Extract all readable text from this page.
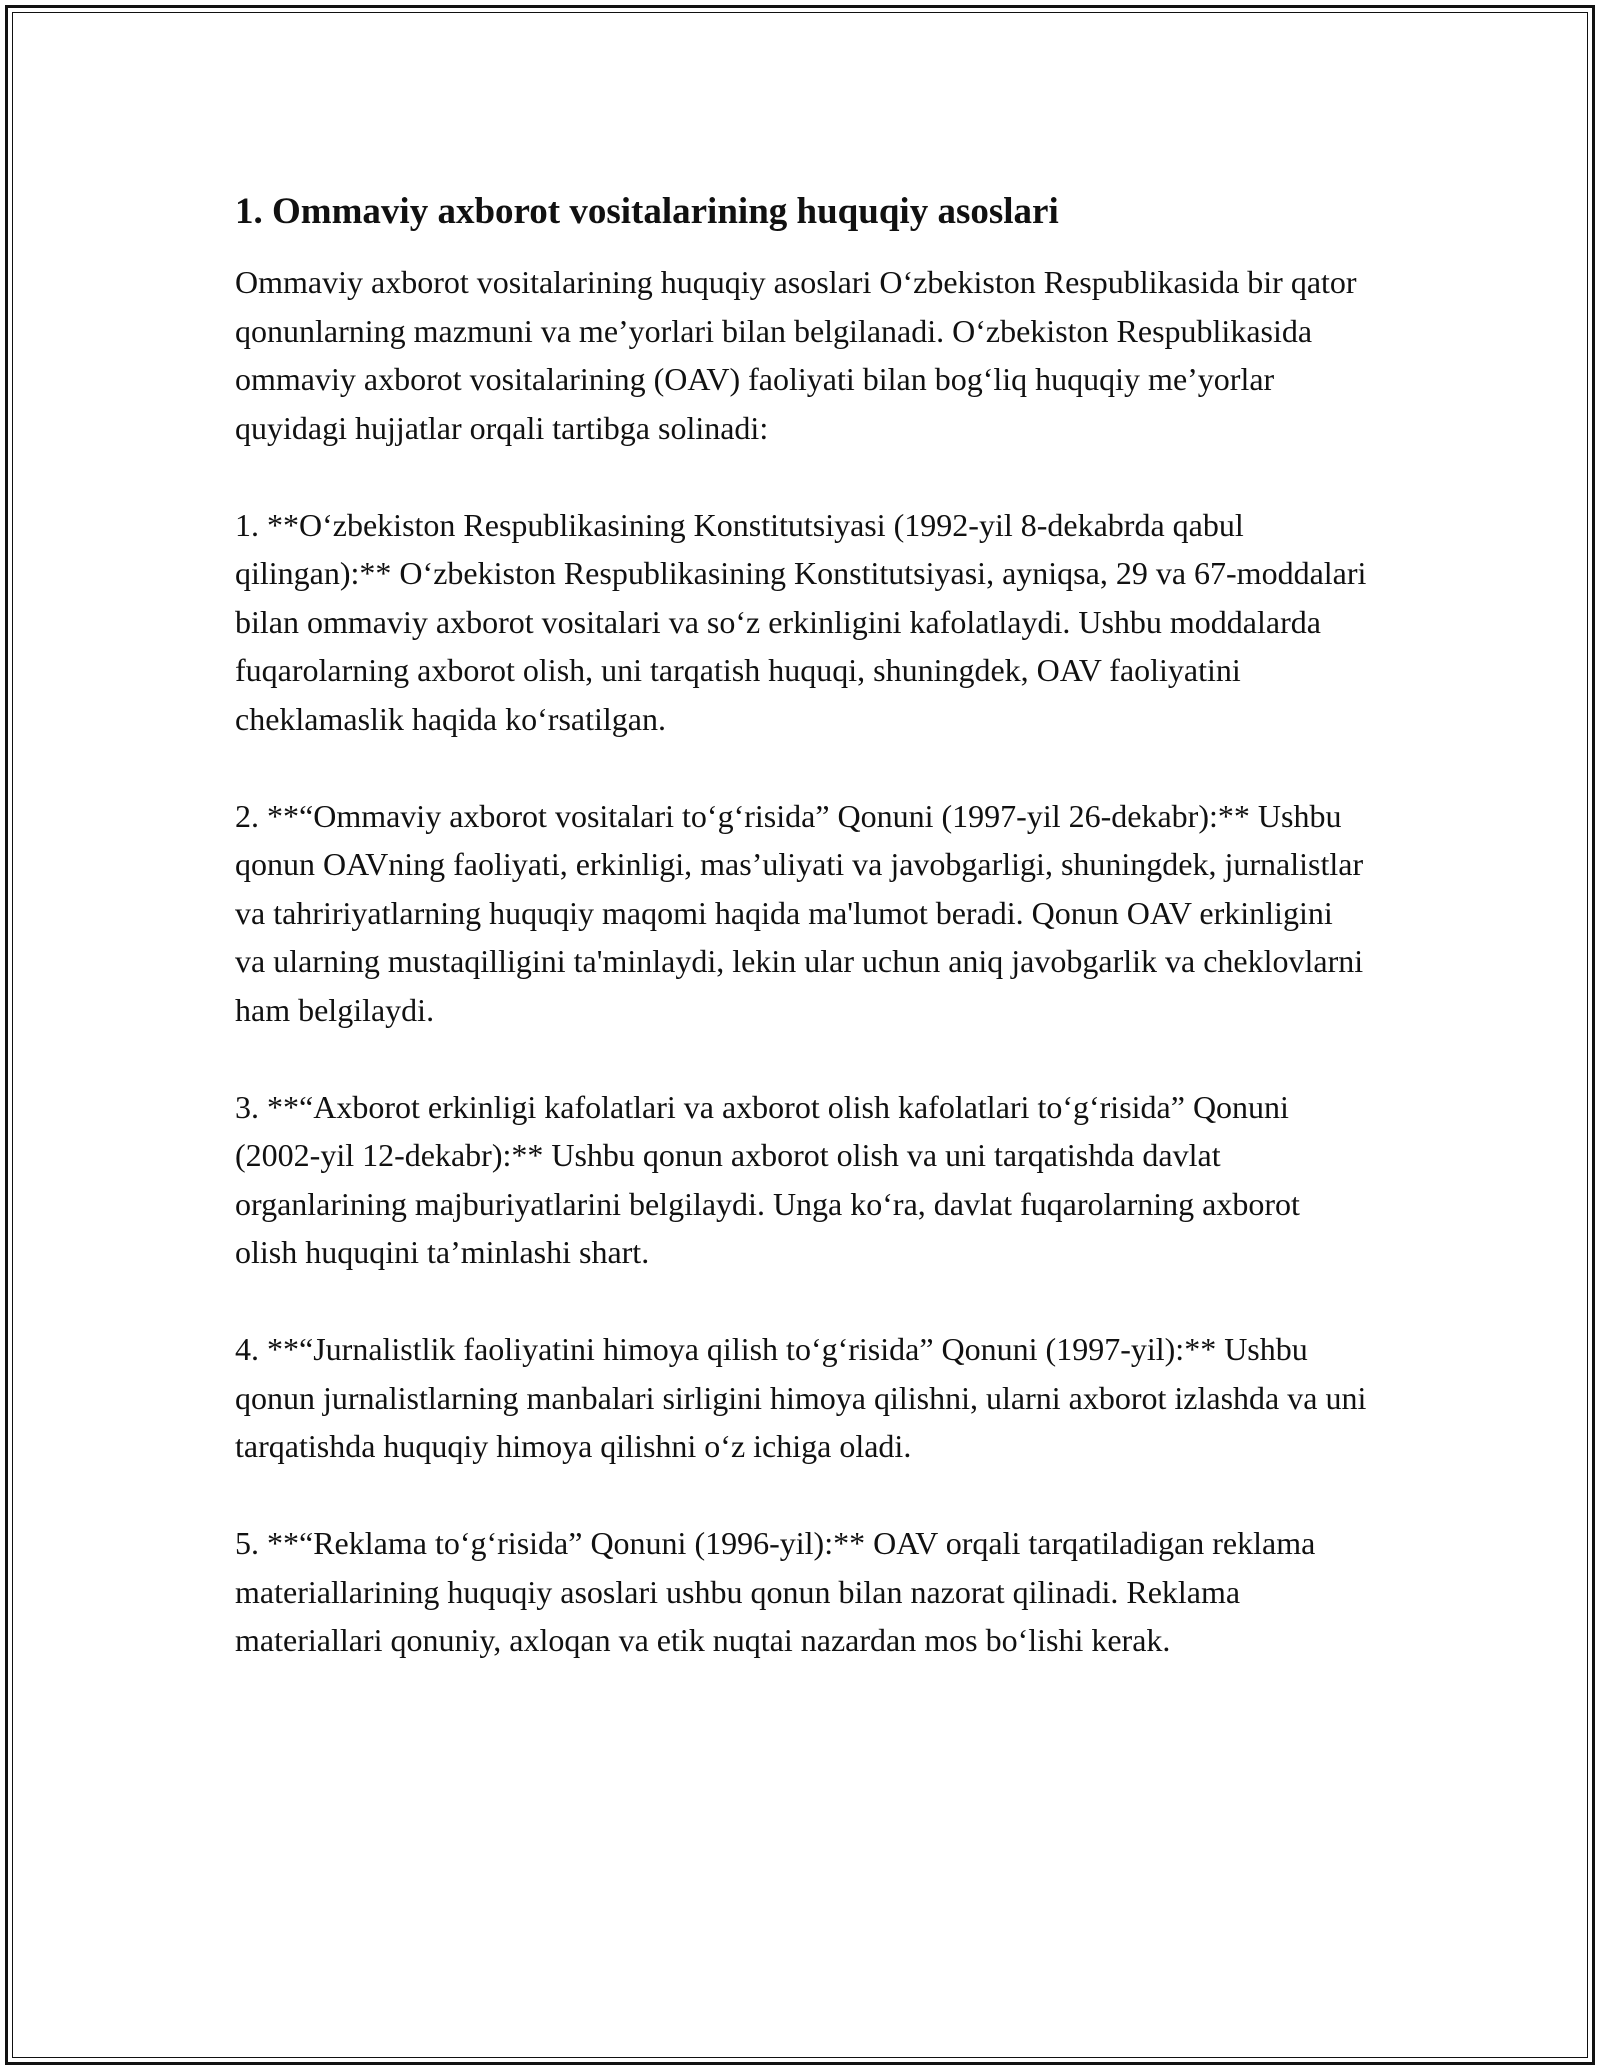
1. Ommaviy axborot vositalarining huquqiy asoslari

Ommaviy axborot vositalarining huquqiy asoslari O‘zbekiston Respublikasida bir qator qonunlarning mazmuni va me’yorlari bilan belgilanadi. O‘zbekiston Respublikasida ommaviy axborot vositalarining (OAV) faoliyati bilan bog‘liq huquqiy me’yorlar quyidagi hujjatlar orqali tartibga solinadi:

1. **O‘zbekiston Respublikasining Konstitutsiyasi (1992-yil 8-dekabrda qabul qilingan):** O‘zbekiston Respublikasining Konstitutsiyasi, ayniqsa, 29 va 67-moddalari bilan ommaviy axborot vositalari va so‘z erkinligini kafolatlaydi. Ushbu moddalarda fuqarolarning axborot olish, uni tarqatish huquqi, shuningdek, OAV faoliyatini cheklamaslik haqida ko‘rsatilgan.

2. **“Ommaviy axborot vositalari to‘g‘risida” Qonuni (1997-yil 26-dekabr):** Ushbu qonun OAVning faoliyati, erkinligi, mas’uliyati va javobgarligi, shuningdek, jurnalistlar va tahririyatlarning huquqiy maqomi haqida ma'lumot beradi. Qonun OAV erkinligini va ularning mustaqilligini ta'minlaydi, lekin ular uchun aniq javobgarlik va cheklovlarni ham belgilaydi.

3. **“Axborot erkinligi kafolatlari va axborot olish kafolatlari to‘g‘risida” Qonuni (2002-yil 12-dekabr):** Ushbu qonun axborot olish va uni tarqatishda davlat organlarining majburiyatlarini belgilaydi. Unga ko‘ra, davlat fuqarolarning axborot olish huquqini ta’minlashi shart.

4. **“Jurnalistlik faoliyatini himoya qilish to‘g‘risida” Qonuni (1997-yil):** Ushbu qonun jurnalistlarning manbalari sirligini himoya qilishni, ularni axborot izlashda va uni tarqatishda huquqiy himoya qilishni o‘z ichiga oladi.

5. **“Reklama to‘g‘risida” Qonuni (1996-yil):** OAV orqali tarqatiladigan reklama materiallarining huquqiy asoslari ushbu qonun bilan nazorat qilinadi. Reklama materiallari qonuniy, axloqan va etik nuqtai nazardan mos bo‘lishi kerak.
